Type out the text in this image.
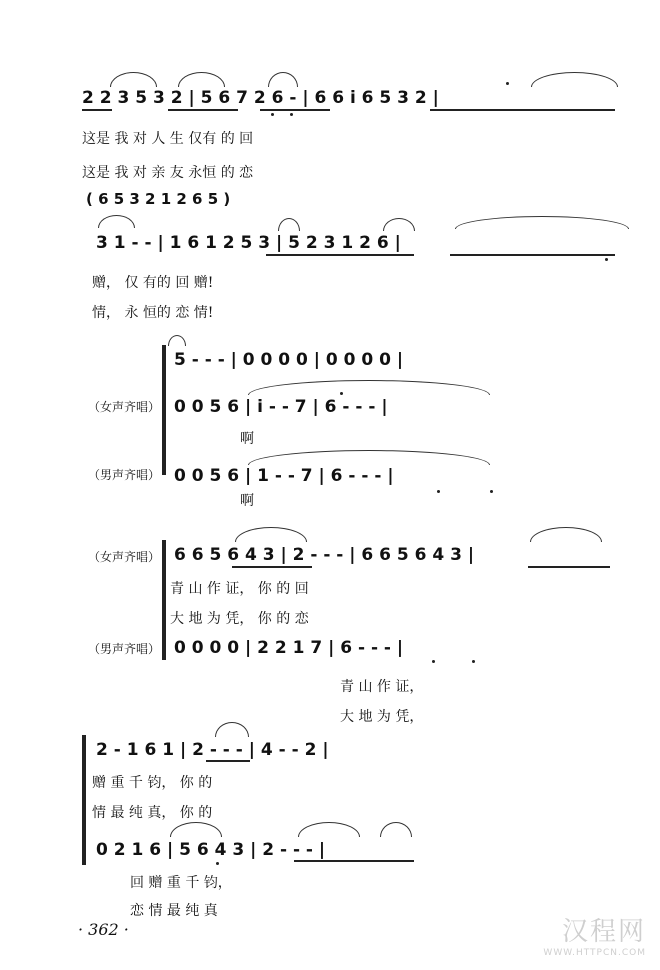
2 2 3 5 3 2 | 5 6 7 2 6 - | 6 6 i 6 5 3 2 |
这是 我 对 人 生 仅有 的 回
这是 我 对 亲 友 永恒 的 恋
( 6 5 3 2 1 2 6 5 )
3 1 - - | 1 6 1 2 5 3 | 5 2 3 1 2 6 |
赠， 仅 有的 回 赠!
情， 永 恒的 恋 情!
5 - - - | 0 0 0 0 | 0 0 0 0 |
（女声齐唱） 0 0 5 6 | i - - 7 | 6 - - - |
啊
（男声齐唱） 0 0 5 6 | 1 - - 7 | 6 - - - |
啊
（女声齐唱） 6 6 5 6 4 3 | 2 - - - | 6 6 5 6 4 3 |
青 山 作 证， 你 的 回
大 地 为 凭， 你 的 恋
（男声齐唱） 0 0 0 0 | 2 2 1 7 | 6 - - - |
青 山 作 证，
大 地 为 凭，
2 - 1 6 1 | 2 - - - | 4 - - 2 |
赠 重 千 钧， 你 的
情 最 纯 真， 你 的
0 2 1 6 | 5 6 4 3 | 2 - - - |
回 赠 重 千 钧，
恋 情 最 纯 真
· 362 ·	汉程网
WWW.HTTPCN.COM
